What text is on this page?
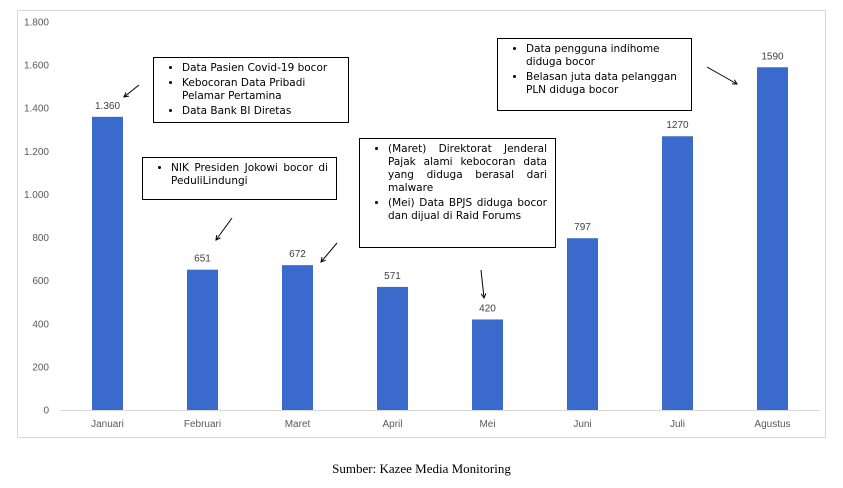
0
200
400
600
800
1.000
1.200
1.400
1.600
1.800
1.360
651	672
571
420
797
1270
1590
Januari	Februari	Maret	April	Mei	Juni	Juli	Agustus
• Data Pasien Covid-19 bocor
• Kebocoran Data Pribadi Pelamar Pertamina
• Data Bank BI Diretas
• NIK Presiden Jokowi bocor di PeduliLindungi
• (Maret) Direktorat Jenderal Pajak alami kebocoran data yang diduga berasal dari malware
• (Mei) Data BPJS diduga bocor dan dijual di Raid Forums
• Data pengguna indihome diduga bocor
• Belasan juta data pelanggan PLN diduga bocor
Sumber: Kazee Media Monitoring
